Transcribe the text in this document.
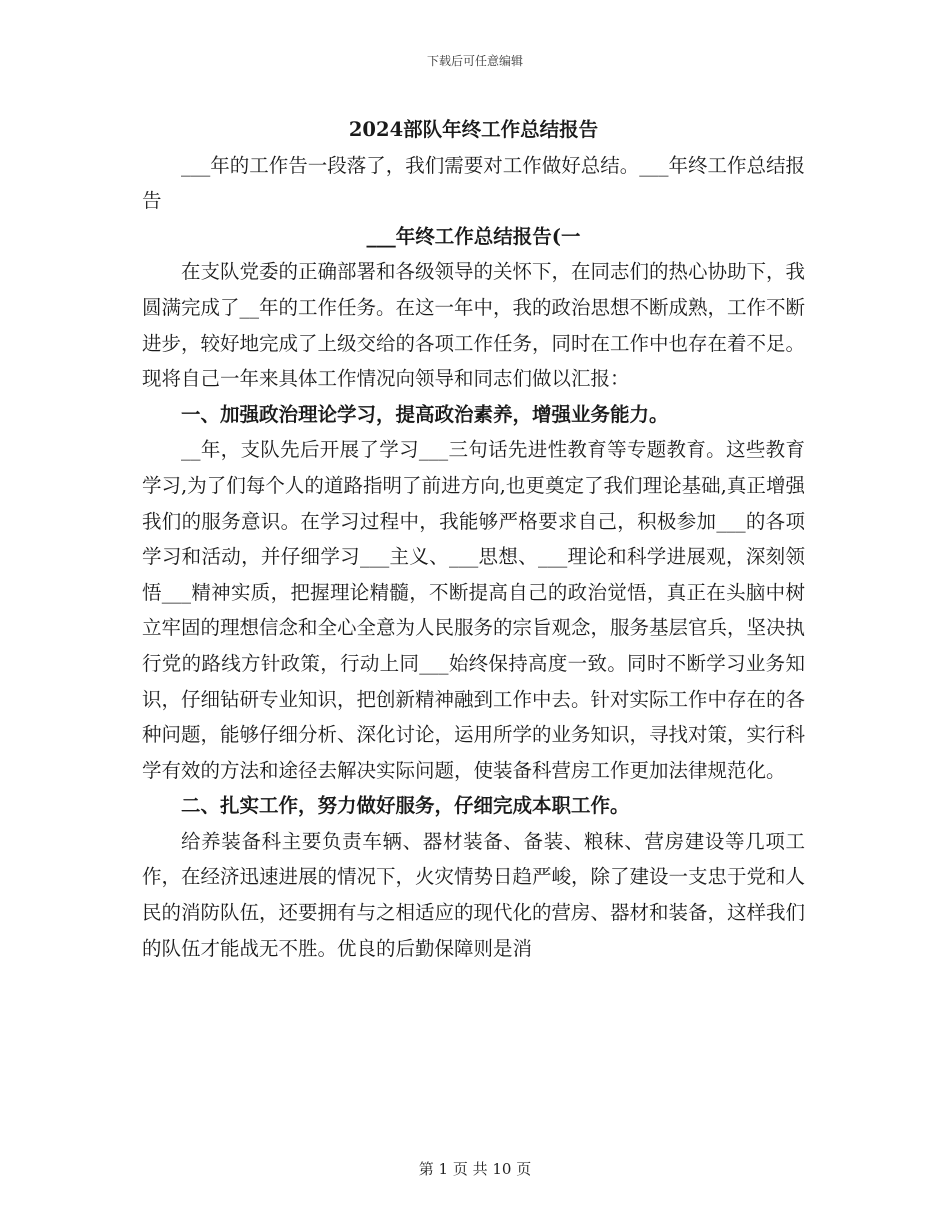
下载后可任意编辑
2024部队年终工作总结报告

___年的工作告一段落了，我们需要对工作做好总结。___年终工作总结报告

___年终工作总结报告(一

在支队党委的正确部署和各级领导的关怀下，在同志们的热心协助下，我圆满完成了__年的工作任务。在这一年中，我的政治思想不断成熟，工作不断进步，较好地完成了上级交给的各项工作任务，同时在工作中也存在着不足。现将自己一年来具体工作情况向领导和同志们做以汇报：

一、加强政治理论学习，提高政治素养，增强业务能力。

__年，支队先后开展了学习___三句话先进性教育等专题教育。这些教育学习,为了们每个人的道路指明了前进方向,也更奠定了我们理论基础,真正增强我们的服务意识。在学习过程中，我能够严格要求自己，积极参加___的各项学习和活动，并仔细学习___主义、___思想、___理论和科学进展观，深刻领悟___精神实质，把握理论精髓，不断提高自己的政治觉悟，真正在头脑中树立牢固的理想信念和全心全意为人民服务的宗旨观念，服务基层官兵，坚决执行党的路线方针政策，行动上同___始终保持高度一致。同时不断学习业务知识，仔细钻研专业知识，把创新精神融到工作中去。针对实际工作中存在的各种问题，能够仔细分析、深化讨论，运用所学的业务知识，寻找对策，实行科学有效的方法和途径去解决实际问题，使装备科营房工作更加法律规范化。

二、扎实工作，努力做好服务，仔细完成本职工作。

给养装备科主要负责车辆、器材装备、备装、粮秣、营房建设等几项工作，在经济迅速进展的情况下，火灾情势日趋严峻，除了建设一支忠于党和人民的消防队伍，还要拥有与之相适应的现代化的营房、器材和装备，这样我们的队伍才能战无不胜。优良的后勤保障则是消

第 1 页 共 10 页
